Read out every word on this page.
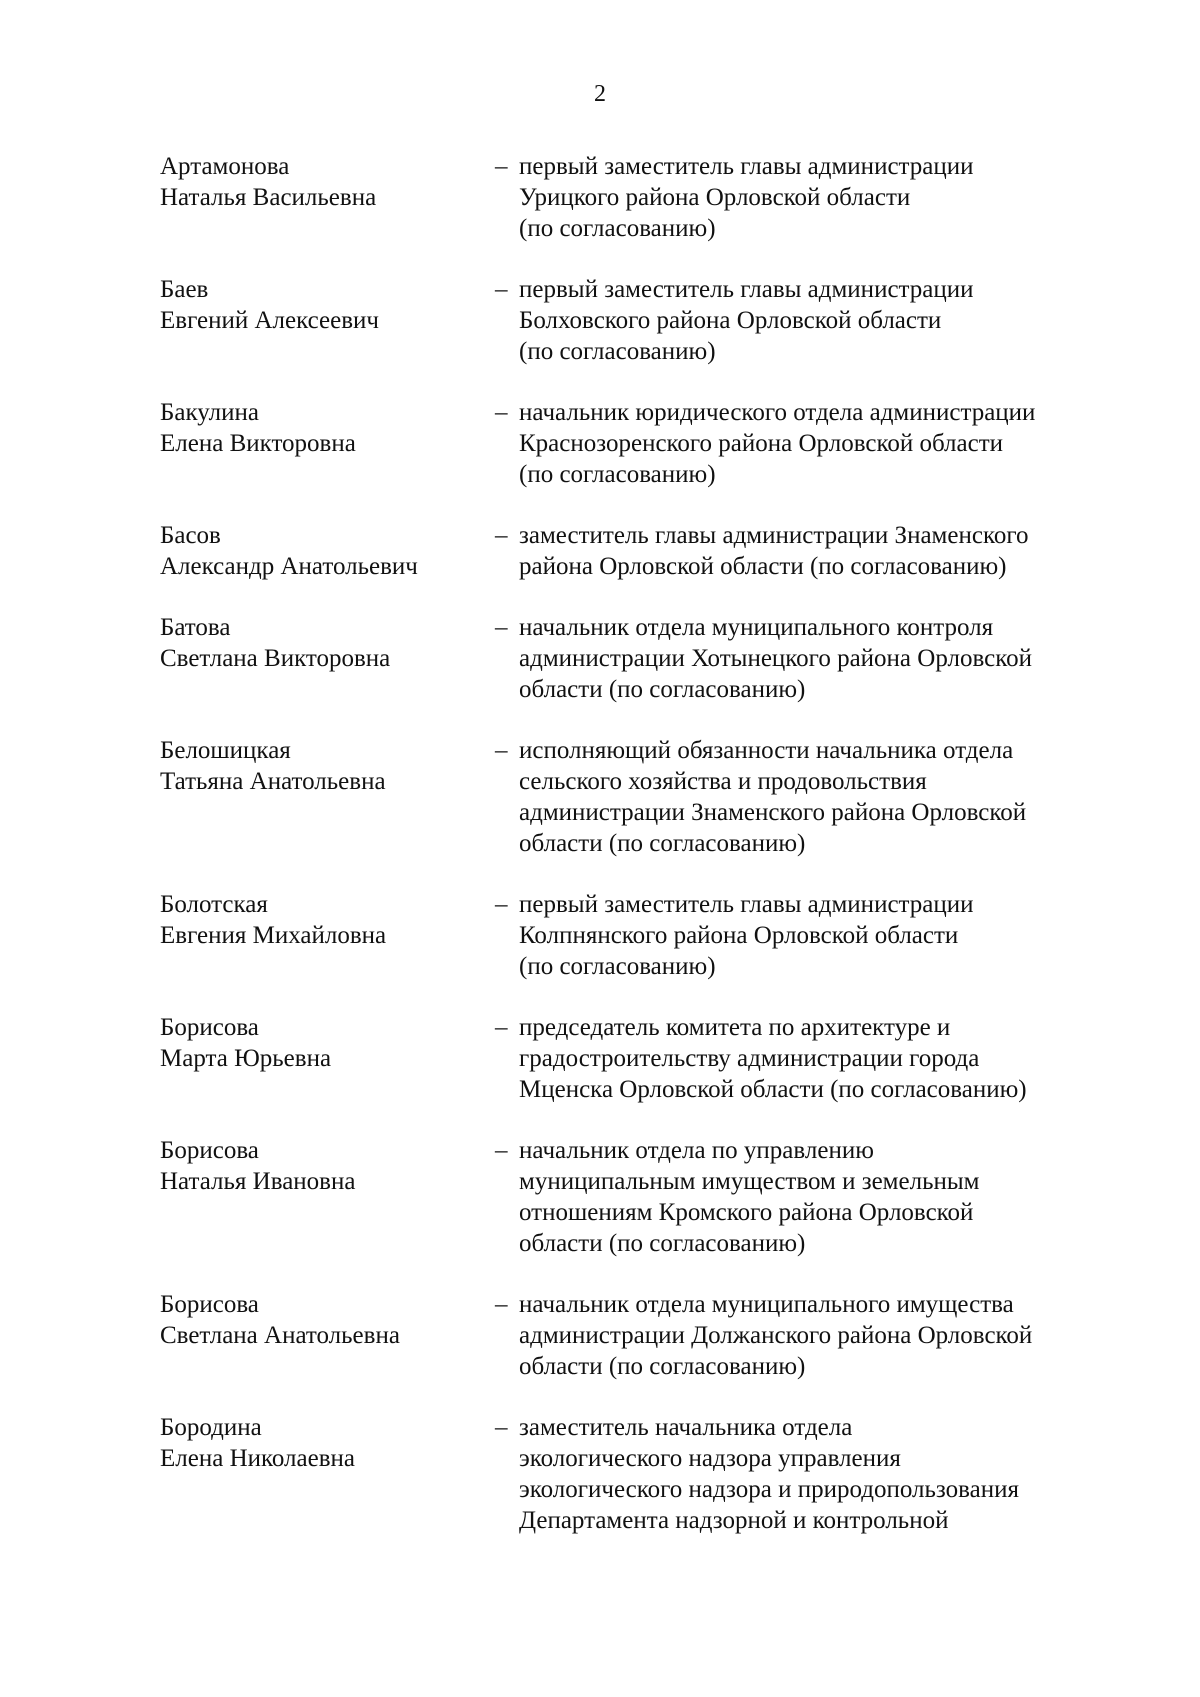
2
Артамонова
Наталья Васильевна
– первый заместитель главы администрации
Урицкого района Орловской области
(по согласованию)
Баев
Евгений Алексеевич
– первый заместитель главы администрации
Болховского района Орловской области
(по согласованию)
Бакулина
Елена Викторовна
– начальник юридического отдела администрации
Краснозоренского района Орловской области
(по согласованию)
Басов
Александр Анатольевич
– заместитель главы администрации Знаменского
района Орловской области (по согласованию)
Батова
Светлана Викторовна
– начальник отдела муниципального контроля
администрации Хотынецкого района Орловской
области (по согласованию)
Белошицкая
Татьяна Анатольевна
– исполняющий обязанности начальника отдела
сельского хозяйства и продовольствия
администрации Знаменского района Орловской
области (по согласованию)
Болотская
Евгения Михайловна
– первый заместитель главы администрации
Колпнянского района Орловской области
(по согласованию)
Борисова
Марта Юрьевна
– председатель комитета по архитектуре и
градостроительству администрации города
Мценска Орловской области (по согласованию)
Борисова
Наталья Ивановна
– начальник отдела по управлению
муниципальным имуществом и земельным
отношениям Кромского района Орловской
области (по согласованию)
Борисова
Светлана Анатольевна
– начальник отдела муниципального имущества
администрации Должанского района Орловской
области (по согласованию)
Бородина
Елена Николаевна
– заместитель начальника отдела
экологического надзора управления
экологического надзора и природопользования
Департамента надзорной и контрольной
